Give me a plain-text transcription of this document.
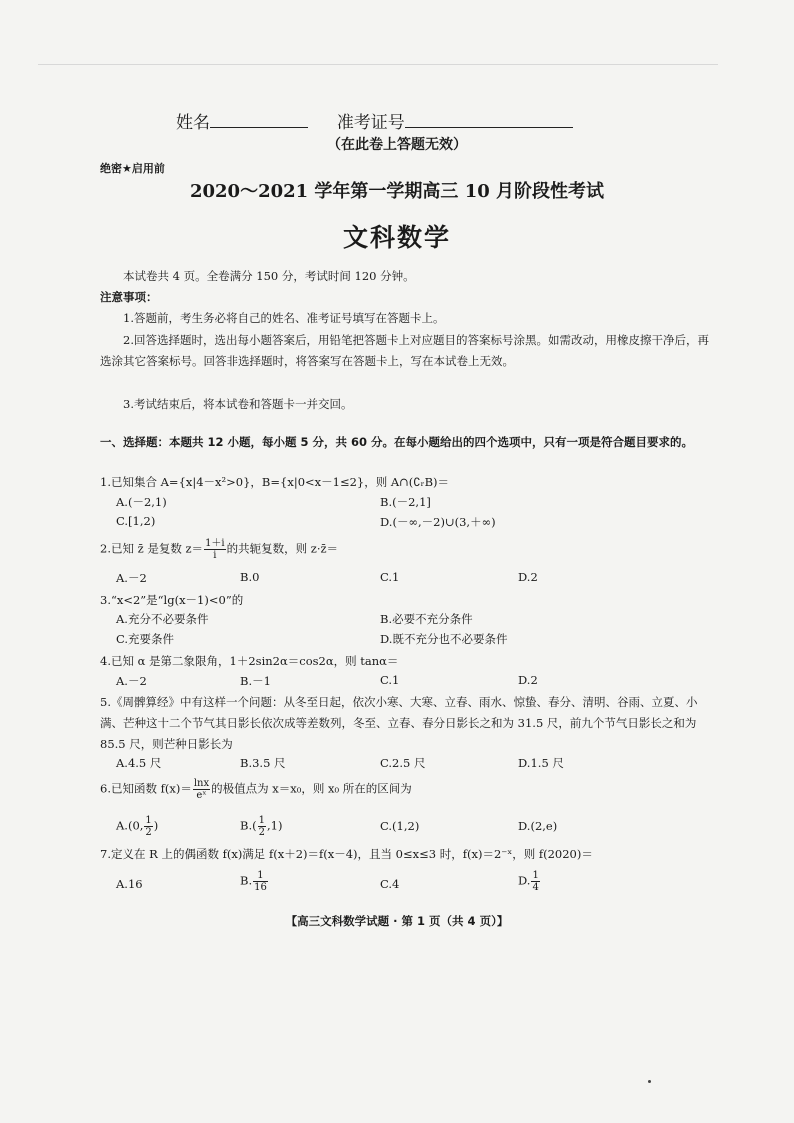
姓名	准考证号
（在此卷上答题无效）
绝密★启用前
2020～2021 学年第一学期高三 10 月阶段性考试
文科数学
本试卷共 4 页。全卷满分 150 分，考试时间 120 分钟。
注意事项：
1.答题前，考生务必将自己的姓名、准考证号填写在答题卡上。
2.回答选择题时，选出每小题答案后，用铅笔把答题卡上对应题目的答案标号涂黑。如需改动，用橡皮擦干净后，再选涂其它答案标号。回答非选择题时，将答案写在答题卡上，写在本试卷上无效。
3.考试结束后，将本试卷和答题卡一并交回。
一、选择题：本题共 12 小题，每小题 5 分，共 60 分。在每小题给出的四个选项中，只有一项是符合题目要求的。
1.已知集合 A={x|4－x²>0}，B={x|0<x－1≤2}，则 A∩(∁ᵣB)＝
A.(－2,1)	B.(－2,1]
C.[1,2)	D.(－∞,－2)∪(3,＋∞)
2.已知 z̄ 是复数 $z= \frac{1+i}{i}$ 的共轭复数，则 z·z̄＝
A.－2	B.0	C.1	D.2
3.“x<2”是“lg(x－1)<0”的
A.充分不必要条件	B.必要不充分条件
C.充要条件	D.既不充分也不必要条件
4.已知 α 是第二象限角，1＋2sin2α＝cos2α，则 tanα＝
A.－2	B.－1	C.1	D.2
5.《周髀算经》中有这样一个问题：从冬至日起，依次小寒、大寒、立春、雨水、惊蛰、春分、清明、谷雨、立夏、小满、芒种这十二个节气其日影长依次成等差数列，冬至、立春、春分日影长之和为 31.5 尺，前九个节气日影长之和为 85.5 尺，则芒种日影长为
A.4.5 尺	B.3.5 尺	C.2.5 尺	D.1.5 尺
6.已知函数 $f(x)= \frac{\ln x}{\text{eˣ}}$ 的极值点为 x＝x₀，则 x₀ 所在的区间为
A.(0, $\frac{1}{2}$ )	$B.( \frac{1}{2} ,1)$	C.(1,2)	D.(2,e)
7.定义在 R 上的偶函数 f(x)满足 f(x＋2)＝f(x－4)，且当 0≤x≤3 时，f(x)＝2⁻ˣ，则 f(2020)＝
A.16	B. $\frac{1}{16}$	C.4	D. $\frac{1}{4}$
【高三文科数学试题 · 第 1 页（共 4 页）】
